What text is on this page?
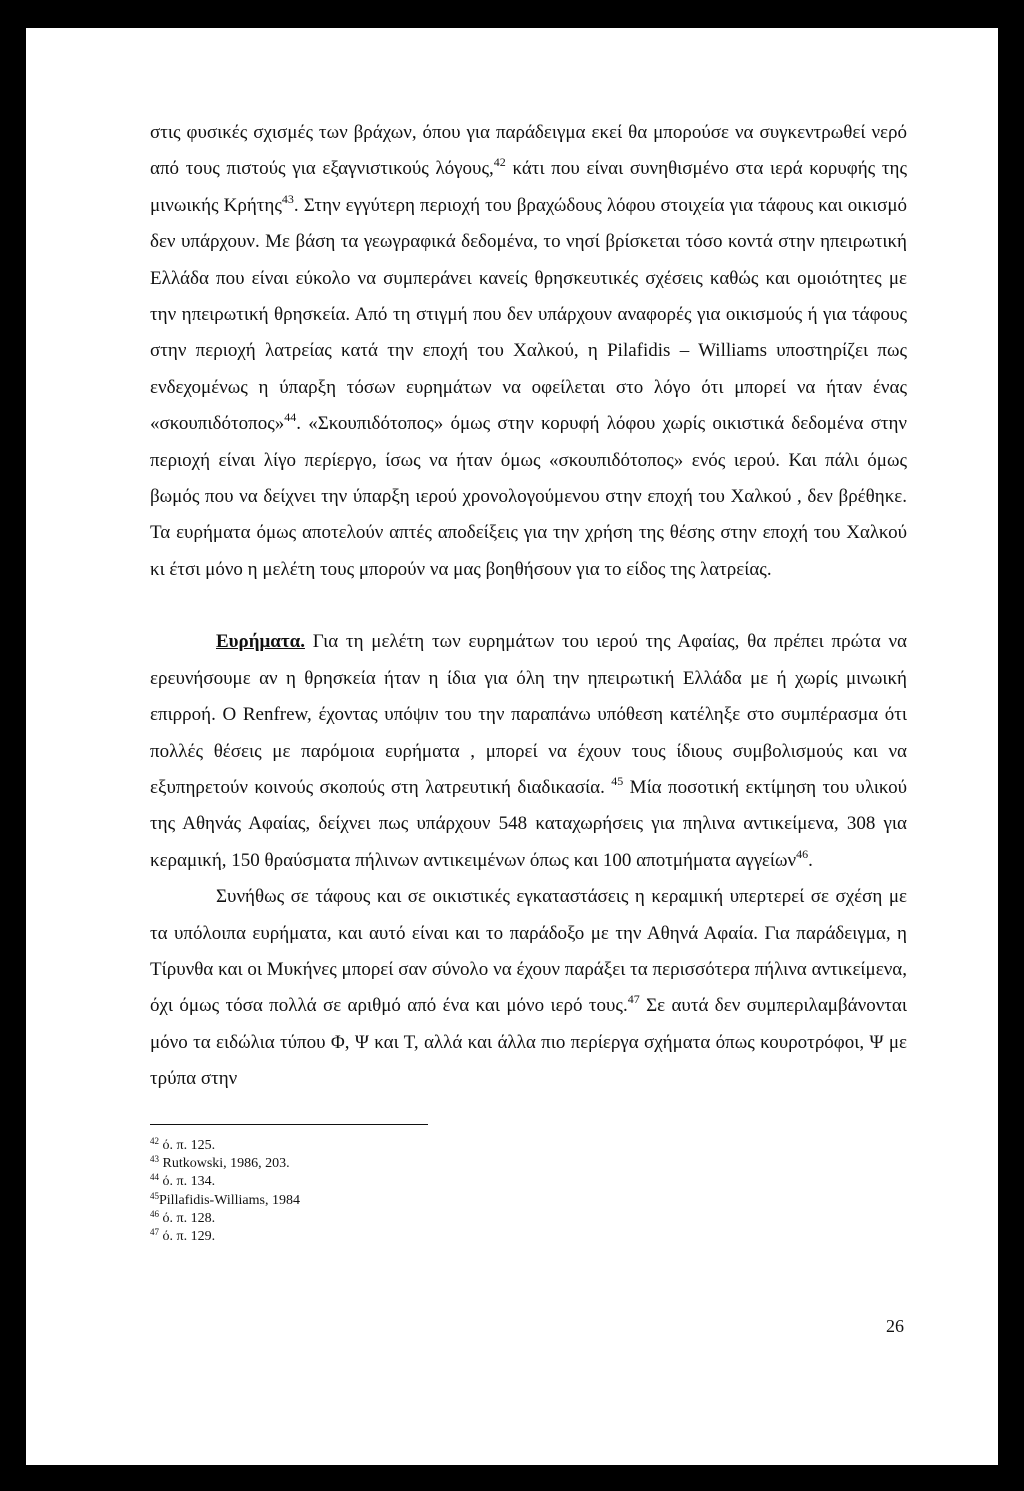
στις φυσικές σχισμές των βράχων, όπου για παράδειγμα εκεί θα μπορούσε να συγκεντρωθεί νερό από τους πιστούς για εξαγνιστικούς λόγους,$^{42}$ κάτι που είναι συνηθισμένο στα ιερά κορυφής της μινωικής Κρήτης$^{43}$. Στην εγγύτερη περιοχή του βραχώδους λόφου στοιχεία για τάφους και οικισμό δεν υπάρχουν. Με βάση τα γεωγραφικά δεδομένα, το νησί βρίσκεται τόσο κοντά στην ηπειρωτική Ελλάδα που είναι εύκολο να συμπεράνει κανείς θρησκευτικές σχέσεις καθώς και ομοιότητες με την ηπειρωτική θρησκεία. Από τη στιγμή που δεν υπάρχουν αναφορές για οικισμούς ή για τάφους στην περιοχή λατρείας κατά την εποχή του Χαλκού, η Pilafidis – Williams υποστηρίζει πως ενδεχομένως η ύπαρξη τόσων ευρημάτων να οφείλεται στο λόγο ότι μπορεί να ήταν ένας «σκουπιδότοπος»$^{44}$. «Σκουπιδότοπος» όμως στην κορυφή λόφου χωρίς οικιστικά δεδομένα στην περιοχή είναι λίγο περίεργο, ίσως να ήταν όμως «σκουπιδότοπος» ενός ιερού. Και πάλι όμως βωμός που να δείχνει την ύπαρξη ιερού χρονολογούμενου στην εποχή του Χαλκού , δεν βρέθηκε. Τα ευρήματα όμως αποτελούν απτές αποδείξεις για την χρήση της θέσης στην εποχή του Χαλκού κι έτσι μόνο η μελέτη τους μπορούν να μας βοηθήσουν για το είδος της λατρείας.

Ευρήματα. Για τη μελέτη των ευρημάτων του ιερού της Αφαίας, θα πρέπει πρώτα να ερευνήσουμε αν η θρησκεία ήταν η ίδια για όλη την ηπειρωτική Ελλάδα με ή χωρίς μινωική επιρροή. Ο Renfrew, έχοντας υπόψιν του την παραπάνω υπόθεση κατέληξε στο συμπέρασμα ότι πολλές θέσεις με παρόμοια ευρήματα , μπορεί να έχουν τους ίδιους συμβολισμούς και να εξυπηρετούν κοινούς σκοπούς στη λατρευτική διαδικασία. $^{45}$ Μία ποσοτική εκτίμηση του υλικού της Αθηνάς Αφαίας, δείχνει πως υπάρχουν 548 καταχωρήσεις για πηλινα αντικείμενα, 308 για κεραμική, 150 θραύσματα πήλινων αντικειμένων όπως και 100 αποτμήματα αγγείων$^{46}$.

Συνήθως σε τάφους και σε οικιστικές εγκαταστάσεις η κεραμική υπερτερεί σε σχέση με τα υπόλοιπα ευρήματα, και αυτό είναι και το παράδοξο με την Αθηνά Αφαία. Για παράδειγμα, η Τίρυνθα και οι Μυκήνες μπορεί σαν σύνολο να έχουν παράξει τα περισσότερα πήλινα αντικείμενα, όχι όμως τόσα πολλά σε αριθμό από ένα και μόνο ιερό τους.$^{47}$ Σε αυτά δεν συμπεριλαμβάνονται μόνο τα ειδώλια τύπου Φ, Ψ και Τ, αλλά και άλλα πιο περίεργα σχήματα όπως κουροτρόφοι, Ψ με τρύπα στην

$^{42}$ ό. π. 125.
$^{43}$ Rutkowski, 1986, 203.
$^{44}$ ό. π. 134.
$^{45}$Pillafidis-Williams, 1984
$^{46}$ ό. π. 128.
$^{47}$ ό. π. 129.
26
